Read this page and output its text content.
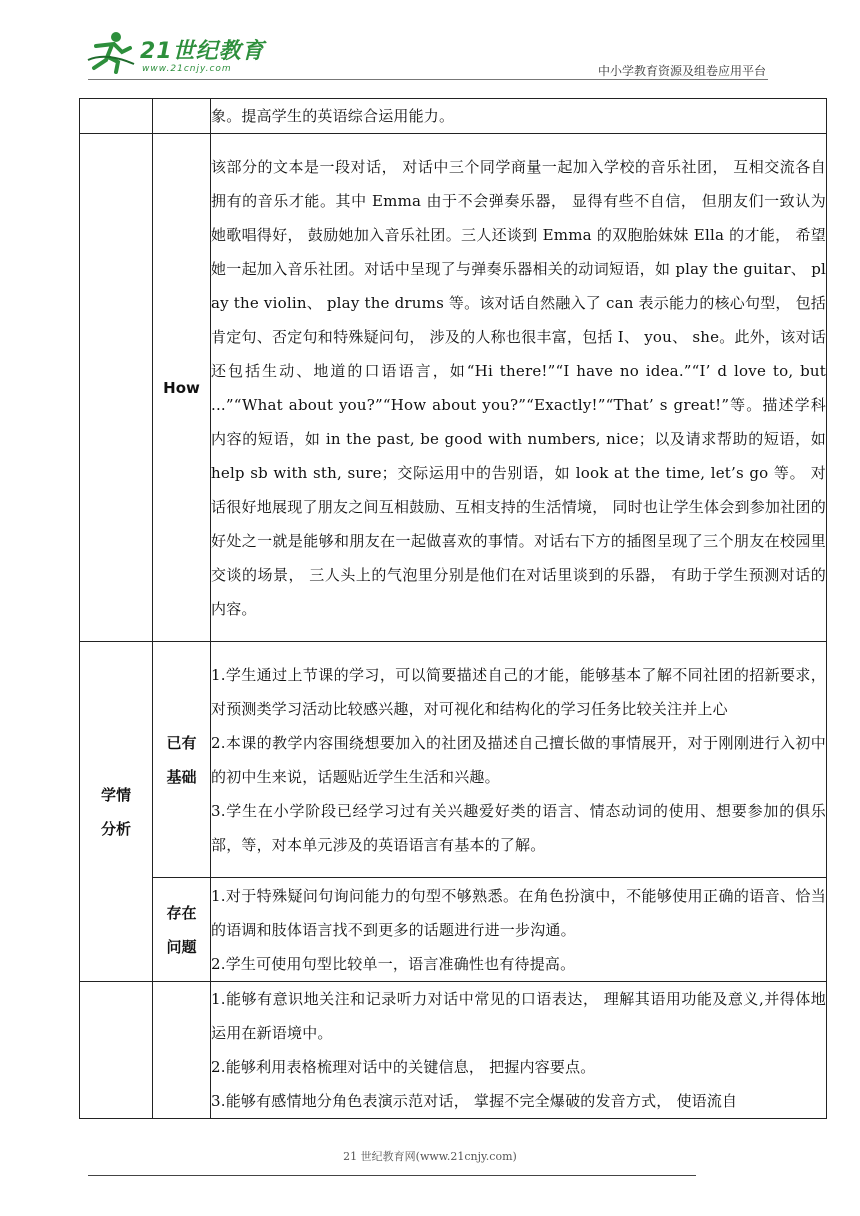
21世纪教育
www.21cnjy.com	中小学教育资源及组卷应用平台

		象。提高学生的英语综合运用能力。

	How	该部分的文本是一段对话， 对话中三个同学商量一起加入学校的音乐社团， 互相交流各自拥有的音乐才能。其中 Emma 由于不会弹奏乐器， 显得有些不自信， 但朋友们一致认为她歌唱得好， 鼓励她加入音乐社团。三人还谈到 Emma 的双胞胎妹妹 Ella 的才能， 希望她一起加入音乐社团。对话中呈现了与弹奏乐器相关的动词短语，如 play the guitar、 play the violin、 play the drums 等。该对话自然融入了 can 表示能力的核心句型， 包括肯定句、否定句和特殊疑问句， 涉及的人称也很丰富，包括 I、 you、 she。此外，该对话还包括生动、地道的口语语言，如“Hi there!”“I have no idea.”“I’ d love to, but ...”“What about you?”“How about you?”“Exactly!”“That’ s great!”等。描述学科内容的短语，如 in the past, be good with numbers, nice；以及请求帮助的短语，如 help sb with sth, sure；交际运用中的告别语，如 look at the time, let’s go 等。 对话很好地展现了朋友之间互相鼓励、互相支持的生活情境， 同时也让学生体会到参加社团的好处之一就是能够和朋友在一起做喜欢的事情。对话右下方的插图呈现了三个朋友在校园里交谈的场景， 三人头上的气泡里分别是他们在对话里谈到的乐器， 有助于学生预测对话的内容。

学情分析	已有基础	1.学生通过上节课的学习，可以简要描述自己的才能，能够基本了解不同社团的招新要求，对预测类学习活动比较感兴趣，对可视化和结构化的学习任务比较关注并上心
2.本课的教学内容围绕想要加入的社团及描述自己擅长做的事情展开，对于刚刚进行入初中的初中生来说，话题贴近学生生活和兴趣。
3.学生在小学阶段已经学习过有关兴趣爱好类的语言、情态动词的使用、想要参加的俱乐部，等，对本单元涉及的英语语言有基本的了解。

	存在问题	1.对于特殊疑问句询问能力的句型不够熟悉。在角色扮演中，不能够使用正确的语音、恰当的语调和肢体语言找不到更多的话题进行进一步沟通。
2.学生可使用句型比较单一，语言准确性也有待提高。

		1.能够有意识地关注和记录听力对话中常见的口语表达， 理解其语用功能及意义,并得体地运用在新语境中。
2.能够利用表格梳理对话中的关键信息， 把握内容要点。
3.能够有感情地分角色表演示范对话， 掌握不完全爆破的发音方式， 使语流自
21 世纪教育网(www.21cnjy.com)
